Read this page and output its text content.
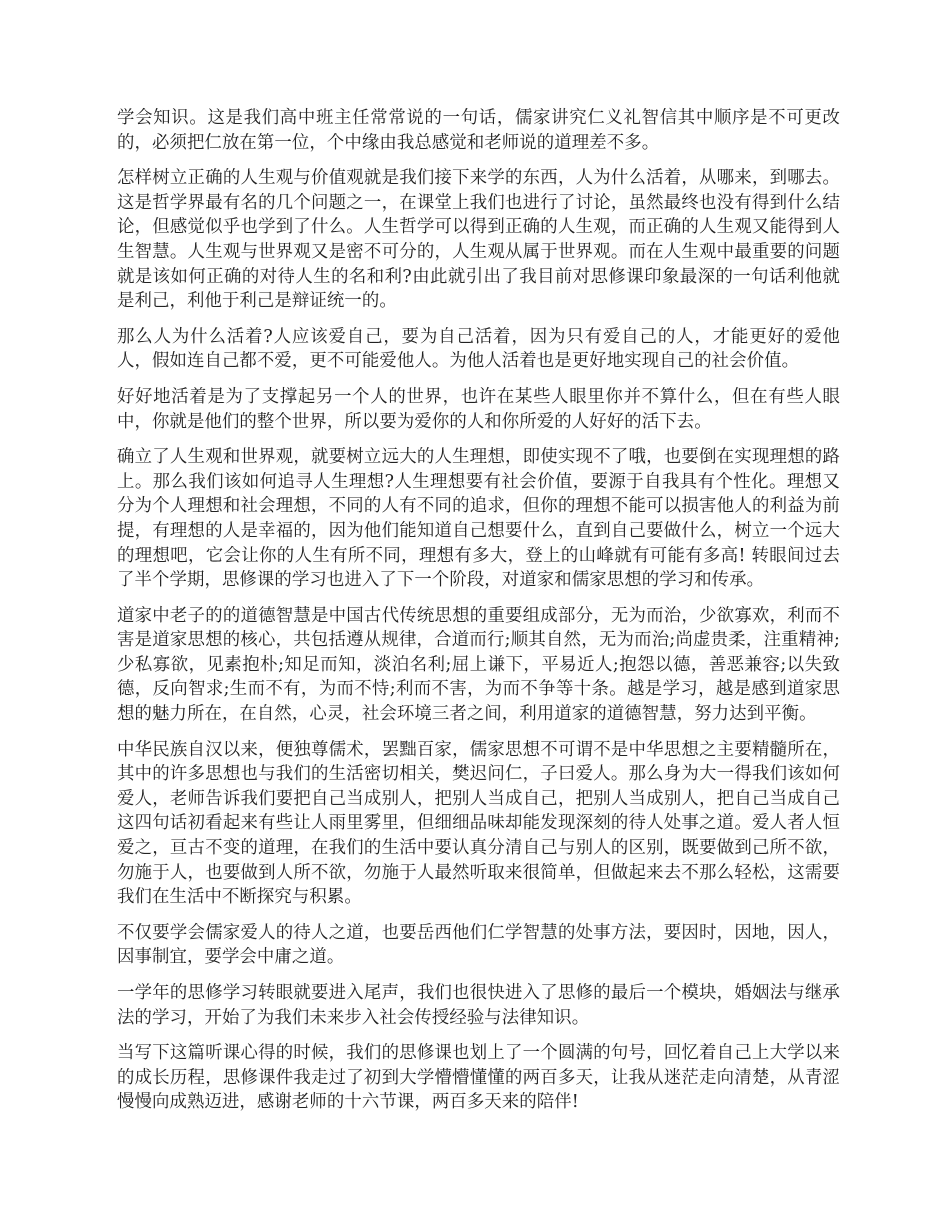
学会知识。这是我们高中班主任常常说的一句话，儒家讲究仁义礼智信其中顺序是不可更改的，必须把仁放在第一位，个中缘由我总感觉和老师说的道理差不多。

怎样树立正确的人生观与价值观就是我们接下来学的东西，人为什么活着，从哪来，到哪去。这是哲学界最有名的几个问题之一，在课堂上我们也进行了讨论，虽然最终也没有得到什么结论，但感觉似乎也学到了什么。人生哲学可以得到正确的人生观，而正确的人生观又能得到人生智慧。人生观与世界观又是密不可分的，人生观从属于世界观。而在人生观中最重要的问题就是该如何正确的对待人生的名和利?由此就引出了我目前对思修课印象最深的一句话利他就是利己，利他于利己是辩证统一的。

那么人为什么活着?人应该爱自己，要为自己活着，因为只有爱自己的人，才能更好的爱他人，假如连自己都不爱，更不可能爱他人。为他人活着也是更好地实现自己的社会价值。

好好地活着是为了支撑起另一个人的世界，也许在某些人眼里你并不算什么，但在有些人眼中，你就是他们的整个世界，所以要为爱你的人和你所爱的人好好的活下去。

确立了人生观和世界观，就要树立远大的人生理想，即使实现不了哦，也要倒在实现理想的路上。那么我们该如何追寻人生理想?人生理想要有社会价值，要源于自我具有个性化。理想又分为个人理想和社会理想，不同的人有不同的追求，但你的理想不能可以损害他人的利益为前提，有理想的人是幸福的，因为他们能知道自己想要什么，直到自己要做什么，树立一个远大的理想吧，它会让你的人生有所不同，理想有多大，登上的山峰就有可能有多高! 转眼间过去了半个学期，思修课的学习也进入了下一个阶段，对道家和儒家思想的学习和传承。

道家中老子的的道德智慧是中国古代传统思想的重要组成部分，无为而治，少欲寡欢，利而不害是道家思想的核心，共包括遵从规律，合道而行;顺其自然，无为而治;尚虚贵柔，注重精神;少私寡欲，见素抱朴;知足而知，淡泊名利;屈上谦下，平易近人;抱怨以德，善恶兼容;以失致德，反向智求;生而不有，为而不恃;利而不害，为而不争等十条。越是学习，越是感到道家思想的魅力所在，在自然，心灵，社会环境三者之间，利用道家的道德智慧，努力达到平衡。

中华民族自汉以来，便独尊儒术，罢黜百家，儒家思想不可谓不是中华思想之主要精髓所在，其中的许多思想也与我们的生活密切相关，樊迟问仁，子曰爱人。那么身为大一得我们该如何爱人，老师告诉我们要把自己当成别人，把别人当成自己，把别人当成别人，把自己当成自己这四句话初看起来有些让人雨里雾里，但细细品味却能发现深刻的待人处事之道。爱人者人恒爱之，亘古不变的道理，在我们的生活中要认真分清自己与别人的区别，既要做到己所不欲，勿施于人，也要做到人所不欲，勿施于人最然听取来很简单，但做起来去不那么轻松，这需要我们在生活中不断探究与积累。

不仅要学会儒家爱人的待人之道，也要岳西他们仁学智慧的处事方法，要因时，因地，因人，因事制宜，要学会中庸之道。

一学年的思修学习转眼就要进入尾声，我们也很快进入了思修的最后一个模块，婚姻法与继承法的学习，开始了为我们未来步入社会传授经验与法律知识。

当写下这篇听课心得的时候，我们的思修课也划上了一个圆满的句号，回忆着自己上大学以来的成长历程，思修课件我走过了初到大学懵懵懂懂的两百多天，让我从迷茫走向清楚，从青涩慢慢向成熟迈进，感谢老师的十六节课，两百多天来的陪伴!
